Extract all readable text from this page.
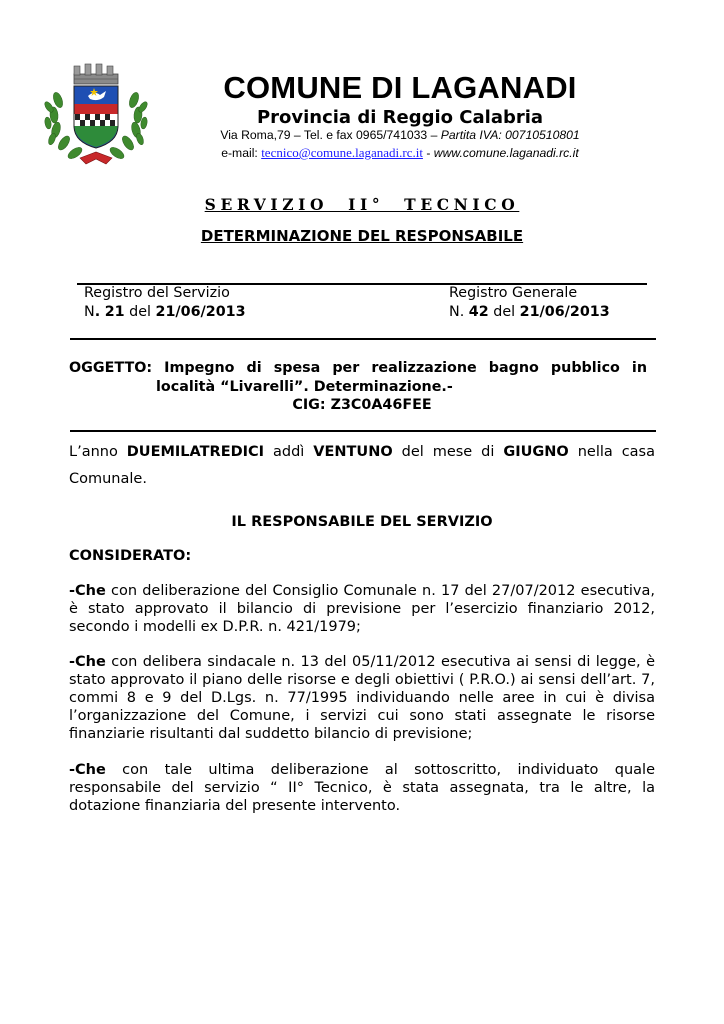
COMUNE DI LAGANADI
Provincia di Reggio Calabria
Via Roma,79 – Tel. e fax 0965/741033 – Partita IVA: 00710510801
e-mail: tecnico@comune.laganadi.rc.it - www.comune.laganadi.rc.it
SERVIZIO II° TECNICO
DETERMINAZIONE DEL RESPONSABILE
Registro del Servizio
N. 21 del 21/06/2013
Registro Generale
N. 42 del 21/06/2013
OGGETTO: Impegno di spesa per realizzazione bagno pubblico in
località “Livarelli”. Determinazione.-
CIG: Z3C0A46FEE
L’anno DUEMILATREDICI addì VENTUNO del mese di GIUGNO nella casa
Comunale.
IL RESPONSABILE DEL SERVIZIO
CONSIDERATO:
-Che con deliberazione del Consiglio Comunale n. 17 del 27/07/2012 esecutiva, è stato approvato il bilancio di previsione per l’esercizio finanziario 2012, secondo i modelli ex D.P.R. n. 421/1979;
-Che con delibera sindacale n. 13 del 05/11/2012 esecutiva ai sensi di legge, è stato approvato il piano delle risorse e degli obiettivi ( P.R.O.) ai sensi dell’art. 7, commi 8 e 9 del D.Lgs. n. 77/1995 individuando nelle aree in cui è divisa l’organizzazione del Comune, i servizi cui sono stati assegnate le risorse finanziarie risultanti dal suddetto bilancio di previsione;
-Che con tale ultima deliberazione al sottoscritto, individuato quale responsabile del servizio “ II° Tecnico, è stata assegnata, tra le altre, la dotazione finanziaria del presente intervento.
